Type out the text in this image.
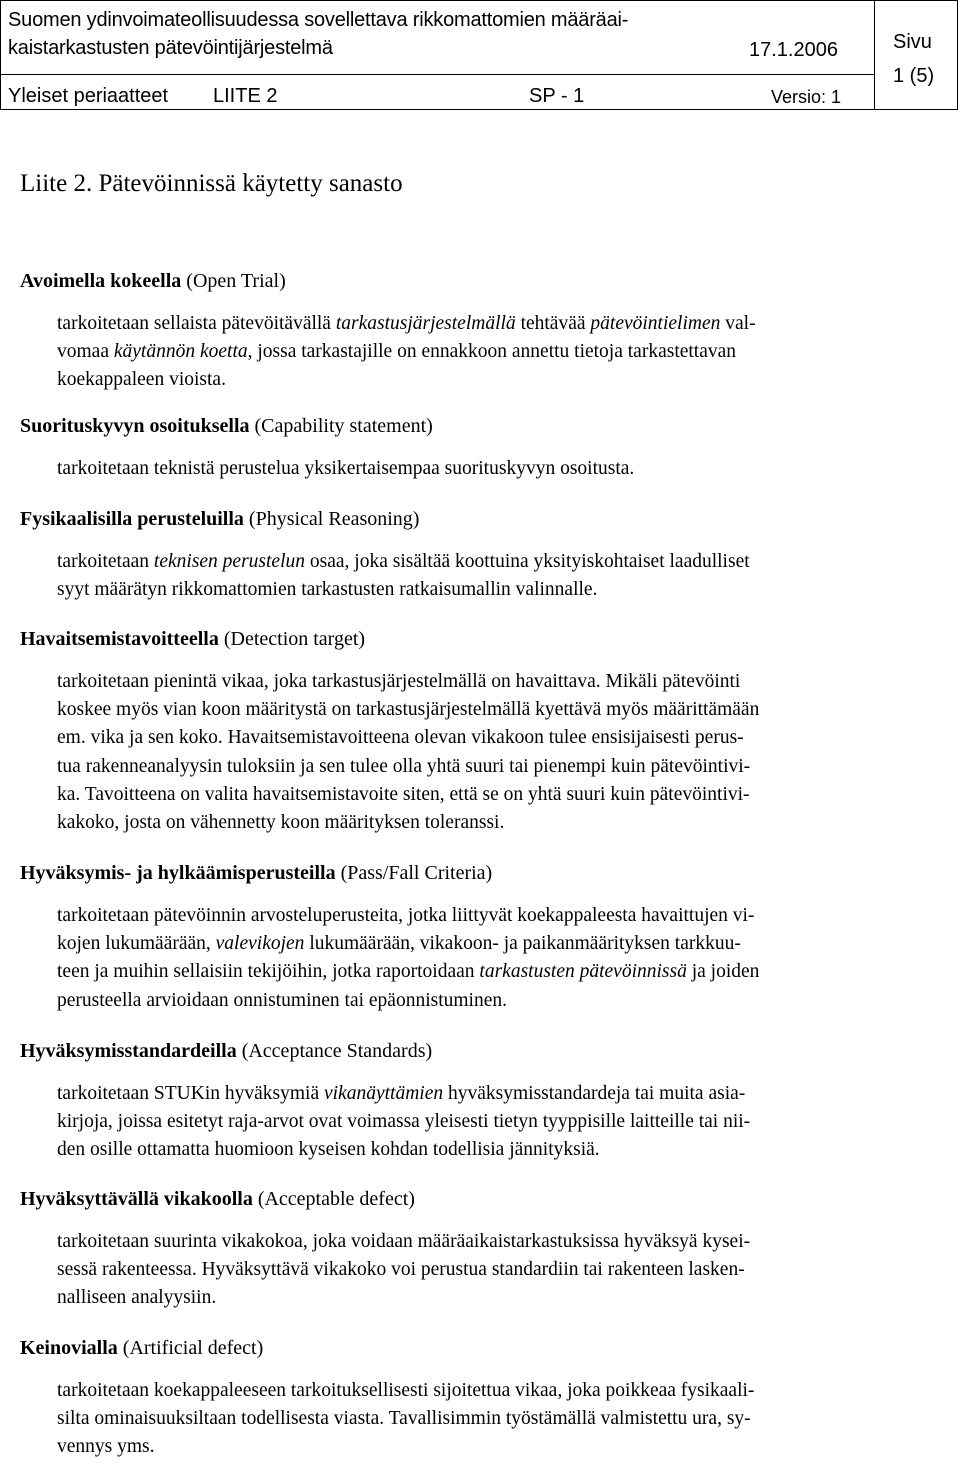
Suomen ydinvoimateollisuudessa sovellettava rikkomattomien määräai-
kaistarkastusten pätevöintijärjestelmä	17.1.2006
Yleiset periaatteet LIITE 2	SP - 1	Versio: 1
Sivu
1 (5)
Liite 2. Pätevöinnissä käytetty sanasto
Avoimella kokeella (Open Trial)
tarkoitetaan sellaista pätevöitävällä tarkastusjärjestelmällä tehtävää pätevöintielimen val-
vomaa käytännön koetta, jossa tarkastajille on ennakkoon annettu tietoja tarkastettavan
koekappaleen vioista.
Suorituskyvyn osoituksella (Capability statement)
tarkoitetaan teknistä perustelua yksikertaisempaa suorituskyvyn osoitusta.
Fysikaalisilla perusteluilla (Physical Reasoning)
tarkoitetaan teknisen perustelun osaa, joka sisältää koottuina yksityiskohtaiset laadulliset
syyt määrätyn rikkomattomien tarkastusten ratkaisumallin valinnalle.
Havaitsemistavoitteella (Detection target)
tarkoitetaan pienintä vikaa, joka tarkastusjärjestelmällä on havaittava. Mikäli pätevöinti
koskee myös vian koon määritystä on tarkastusjärjestelmällä kyettävä myös määrittämään
em. vika ja sen koko. Havaitsemistavoitteena olevan vikakoon tulee ensisijaisesti perus-
tua rakenneanalyysin tuloksiin ja sen tulee olla yhtä suuri tai pienempi kuin pätevöintivi-
ka. Tavoitteena on valita havaitsemistavoite siten, että se on yhtä suuri kuin pätevöintivi-
kakoko, josta on vähennetty koon määrityksen toleranssi.
Hyväksymis- ja hylkäämisperusteilla (Pass/Fall Criteria)
tarkoitetaan pätevöinnin arvosteluperusteita, jotka liittyvät koekappaleesta havaittujen vi-
kojen lukumäärään, valevikojen lukumäärään, vikakoon- ja paikanmäärityksen tarkkuu-
teen ja muihin sellaisiin tekijöihin, jotka raportoidaan tarkastusten pätevöinnissä ja joiden
perusteella arvioidaan onnistuminen tai epäonnistuminen.
Hyväksymisstandardeilla (Acceptance Standards)
tarkoitetaan STUKin hyväksymiä vikanäyttämien hyväksymisstandardeja tai muita asia-
kirjoja, joissa esitetyt raja-arvot ovat voimassa yleisesti tietyn tyyppisille laitteille tai nii-
den osille ottamatta huomioon kyseisen kohdan todellisia jännityksiä.
Hyväksyttävällä vikakoolla (Acceptable defect)
tarkoitetaan suurinta vikakokoa, joka voidaan määräaikaistarkastuksissa hyväksyä kysei-
sessä rakenteessa. Hyväksyttävä vikakoko voi perustua standardiin tai rakenteen lasken-
nalliseen analyysiin.
Keinovialla (Artificial defect)
tarkoitetaan koekappaleeseen tarkoituksellisesti sijoitettua vikaa, joka poikkeaa fysikaali-
silta ominaisuuksiltaan todellisesta viasta. Tavallisimmin työstämällä valmistettu ura, sy-
vennys yms.
